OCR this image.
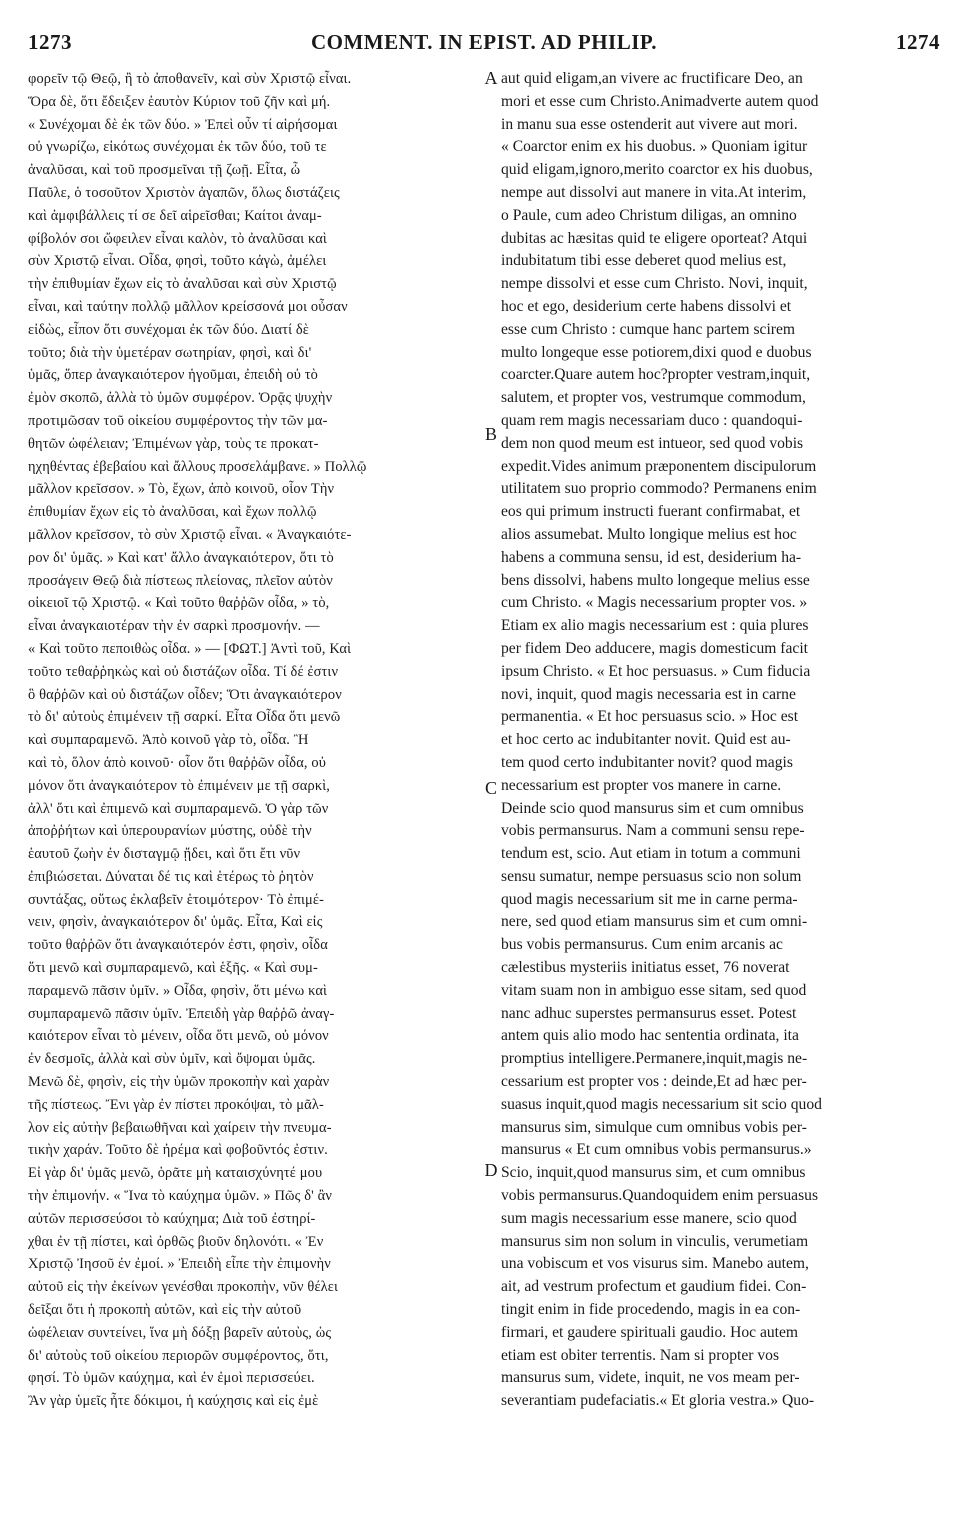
1273	COMMENT. IN EPIST. AD PHILIP.	1274
φορεῖν τῷ Θεῷ, ἢ τὸ ἀποθανεῖν, καὶ σὺν Χριστῷ εἶναι.
Ὅρα δὲ, ὅτι ἔδειξεν ἑαυτὸν Κύριον τοῦ ζῆν καὶ μή.
« Συνέχομαι δὲ ἐκ τῶν δύο. » Ἐπεὶ οὖν τί αἱρήσομαι
οὐ γνωρίζω, εἰκότως συνέχομαι ἐκ τῶν δύο, τοῦ τε
ἀναλῦσαι, καὶ τοῦ προσμεῖναι τῇ ζωῇ. Εἶτα, ὦ
Παῦλε, ὁ τοσοῦτον Χριστὸν ἀγαπῶν, ὅλως διστάζεις
καὶ ἀμφιβάλλεις τί σε δεῖ αἱρεῖσθαι; Καίτοι ἀναμ-
φίβολόν σοι ὤφειλεν εἶναι καλὸν, τὸ ἀναλῦσαι καὶ
σὺν Χριστῷ εἶναι. Οἶδα, φησὶ, τοῦτο κἀγὼ, ἀμέλει
τὴν ἐπιθυμίαν ἔχων εἰς τὸ ἀναλῦσαι καὶ σὺν Χριστῷ
εἶναι, καὶ ταύτην πολλῷ μᾶλλον κρείσσονά μοι οὖσαν
εἰδὼς, εἶπον ὅτι συνέχομαι ἐκ τῶν δύο. Διατί δὲ
τοῦτο; διὰ τὴν ὑμετέραν σωτηρίαν, φησὶ, καὶ δι'
ὑμᾶς, ὅπερ ἀναγκαιότερον ἡγοῦμαι, ἐπειδὴ οὐ τὸ
ἐμὸν σκοπῶ, ἀλλὰ τὸ ὑμῶν συμφέρον. Ὁρᾷς ψυχὴν
προτιμῶσαν τοῦ οἰκείου συμφέροντος τὴν τῶν μα-
θητῶν ὠφέλειαν; Ἐπιμένων γὰρ, τοὺς τε προκατ-
ηχηθέντας ἐβεβαίου καὶ ἄλλους προσελάμβανε. » Πολλῷ
μᾶλλον κρεῖσσον. » Τὸ, ἔχων, ἀπὸ κοινοῦ, οἷον Τὴν
ἐπιθυμίαν ἔχων εἰς τὸ ἀναλῦσαι, καὶ ἔχων πολλῷ
μᾶλλον κρεῖσσον, τὸ σὺν Χριστῷ εἶναι. « Ἀναγκαιότε-
ρον δι' ὑμᾶς. » Καὶ κατ' ἄλλο ἀναγκαιότερον, ὅτι τὸ
προσάγειν Θεῷ διὰ πίστεως πλείονας, πλεῖον αὐτὸν
οἰκειοῖ τῷ Χριστῷ. « Καὶ τοῦτο θαῤῥῶν οἶδα, » τὸ,
εἶναι ἀναγκαιοτέραν τὴν ἐν σαρκὶ προσμονήν. —
« Καὶ τοῦτο πεποιθὼς οἶδα. » — [ΦΩΤ.] Ἀντὶ τοῦ, Καὶ
τοῦτο τεθαῤῥηκὼς καὶ οὐ διστάζων οἶδα. Τί δέ ἐστιν
ὃ θαῤῥῶν καὶ οὐ διστάζων οἶδεν; Ὅτι ἀναγκαιότερον
τὸ δι' αὐτοὺς ἐπιμένειν τῇ σαρκί. Εἶτα Οἶδα ὅτι μενῶ
καὶ συμπαραμενῶ. Ἀπὸ κοινοῦ γὰρ τὸ, οἶδα. Ἢ
καὶ τὸ, ὅλον ἀπὸ κοινοῦ· οἷον ὅτι θαῤῥῶν οἶδα, οὐ
μόνον ὅτι ἀναγκαιότερον τὸ ἐπιμένειν με τῇ σαρκὶ,
ἀλλ' ὅτι καὶ ἐπιμενῶ καὶ συμπαραμενῶ. Ὁ γὰρ τῶν
ἀποῤῥήτων καὶ ὑπερουρανίων μύστης, οὐδὲ τὴν
ἑαυτοῦ ζωὴν ἐν δισταγμῷ ᾔδει, καὶ ὅτι ἔτι νῦν
ἐπιβιώσεται. Δύναται δέ τις καὶ ἑτέρως τὸ ῥητὸν
συντάξας, οὕτως ἐκλαβεῖν ἑτοιμότερον· Τὸ ἐπιμέ-
νειν, φησὶν, ἀναγκαιότερον δι' ὑμᾶς. Εἶτα, Καὶ εἰς
τοῦτο θαῤῥῶν ὅτι ἀναγκαιότερόν ἐστι, φησὶν, οἶδα
ὅτι μενῶ καὶ συμπαραμενῶ, καὶ ἑξῆς. « Καὶ συμ-
παραμενῶ πᾶσιν ὑμῖν. » Οἶδα, φησὶν, ὅτι μένω καὶ
συμπαραμενῶ πᾶσιν ὑμῖν. Ἐπειδὴ γὰρ θαῤῥῶ ἀναγ-
καιότερον εἶναι τὸ μένειν, οἶδα ὅτι μενῶ, οὐ μόνον
ἐν δεσμοῖς, ἀλλὰ καὶ σὺν ὑμῖν, καὶ ὄψομαι ὑμᾶς.
Μενῶ δὲ, φησὶν, εἰς τὴν ὑμῶν προκοπὴν καὶ χαρὰν
τῆς πίστεως. Ἔνι γὰρ ἐν πίστει προκόψαι, τὸ μᾶλ-
λον εἰς αὐτὴν βεβαιωθῆναι καὶ χαίρειν τὴν πνευμα-
τικὴν χαράν. Τοῦτο δὲ ἠρέμα καὶ φοβοῦντός ἐστιν.
Εἰ γὰρ δι' ὑμᾶς μενῶ, ὁρᾶτε μὴ καταισχύνητέ μου
τὴν ἐπιμονήν. « Ἵνα τὸ καύχημα ὑμῶν. » Πῶς δ' ἂν
αὐτῶν περισσεύσοι τὸ καύχημα; Διὰ τοῦ ἐστηρί-
χθαι ἐν τῇ πίστει, καὶ ὀρθῶς βιοῦν δηλονότι. « Ἐν
Χριστῷ Ἰησοῦ ἐν ἐμοί. » Ἐπειδὴ εἶπε τὴν ἐπιμονὴν
αὐτοῦ εἰς τὴν ἐκείνων γενέσθαι προκοπὴν, νῦν θέλει
δεῖξαι ὅτι ἡ προκοπὴ αὐτῶν, καὶ εἰς τὴν αὐτοῦ
ὠφέλειαν συντείνει, ἵνα μὴ δόξῃ βαρεῖν αὐτοὺς, ὡς
δι' αὐτοὺς τοῦ οἰκείου περιορῶν συμφέροντος, ὅτι,
φησί. Τὸ ὑμῶν καύχημα, καὶ ἐν ἐμοὶ περισσεύει.
Ἂν γὰρ ὑμεῖς ἦτε δόκιμοι, ἡ καύχησις καὶ εἰς ἐμὲ
A
B
C
D
aut quid eligam,an vivere ac fructificare Deo, an
mori et esse cum Christo.Animadverte autem quod
in manu sua esse ostenderit aut vivere aut mori.
« Coarctor enim ex his duobus. » Quoniam igitur
quid eligam,ignoro,merito coarctor ex his duobus,
nempe aut dissolvi aut manere in vita.At interim,
o Paule, cum adeo Christum diligas, an omnino
dubitas ac hæsitas quid te eligere oporteat? Atqui
indubitatum tibi esse deberet quod melius est,
nempe dissolvi et esse cum Christo. Novi, inquit,
hoc et ego, desiderium certe habens dissolvi et
esse cum Christo : cumque hanc partem scirem
multo longeque esse potiorem,dixi quod e duobus
coarcter.Quare autem hoc?propter vestram,inquit,
salutem, et propter vos, vestrumque commodum,
quam rem magis necessariam duco : quandoqui-
dem non quod meum est intueor, sed quod vobis
expedit.Vides animum præponentem discipulorum
utilitatem suo proprio commodo? Permanens enim
eos qui primum instructi fuerant confirmabat, et
alios assumebat. Multo longique melius est hoc
habens a communa sensu, id est, desiderium ha-
bens dissolvi, habens multo longeque melius esse
cum Christo. « Magis necessarium propter vos. »
Etiam ex alio magis necessarium est : quia plures
per fidem Deo adducere, magis domesticum facit
ipsum Christo. « Et hoc persuasus. » Cum fiducia
novi, inquit, quod magis necessaria est in carne
permanentia. « Et hoc persuasus scio. » Hoc est
et hoc certo ac indubitanter novit. Quid est au-
tem quod certo indubitanter novit? quod magis
necessarium est propter vos manere in carne.
Deinde scio quod mansurus sim et cum omnibus
vobis permansurus. Nam a communi sensu repe-
tendum est, scio. Aut etiam in totum a communi
sensu sumatur, nempe persuasus scio non solum
quod magis necessarium sit me in carne perma-
nere, sed quod etiam mansurus sim et cum omni-
bus vobis permansurus. Cum enim arcanis ac
cælestibus mysteriis initiatus esset, 76 noverat
vitam suam non in ambiguo esse sitam, sed quod
nanc adhuc superstes permansurus esset. Potest
antem quis alio modo hac sententia ordinata, ita
promptius intelligere.Permanere,inquit,magis ne-
cessarium est propter vos : deinde,Et ad hæc per-
suasus inquit,quod magis necessarium sit scio quod
mansurus sim, simulque cum omnibus vobis per-
mansurus « Et cum omnibus vobis permansurus.»
Scio, inquit,quod mansurus sim, et cum omnibus
vobis permansurus.Quandoquidem enim persuasus
sum magis necessarium esse manere, scio quod
mansurus sim non solum in vinculis, verumetiam
una vobiscum et vos visurus sim. Manebo autem,
ait, ad vestrum profectum et gaudium fidei. Con-
tingit enim in fide procedendo, magis in ea con-
firmari, et gaudere spirituali gaudio. Hoc autem
etiam est obiter terrentis. Nam si propter vos
mansurus sum, videte, inquit, ne vos meam per-
severantiam pudefaciatis.« Et gloria vestra.» Quo-
